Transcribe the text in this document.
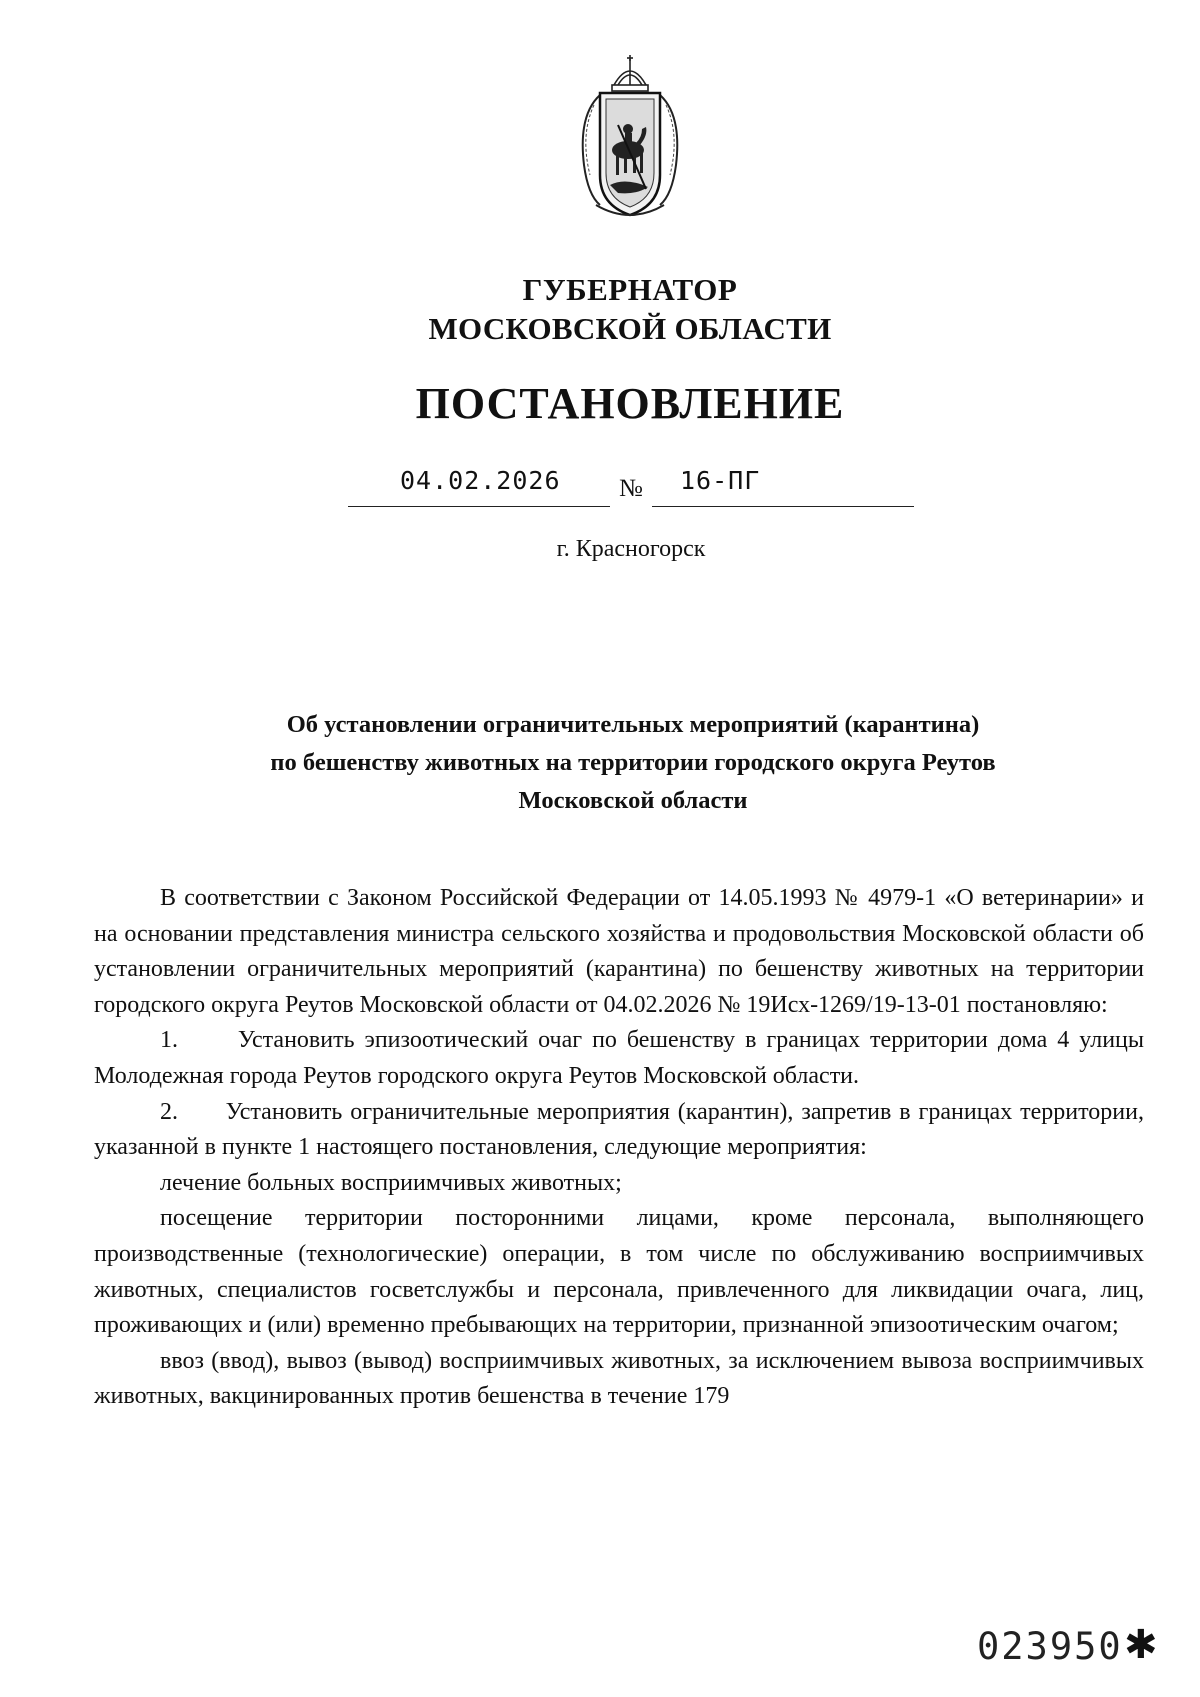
ГУБЕРНАТОР
МОСКОВСКОЙ ОБЛАСТИ
ПОСТАНОВЛЕНИЕ
04.02.2026 № 16-ПГ
г. Красногорск
Об установлении ограничительных мероприятий (карантина)
по бешенству животных на территории городского округа Реутов
Московской области

В соответствии с Законом Российской Федерации от 14.05.1993 № 4979-1 «О ветеринарии» и на основании представления министра сельского хозяйства и продовольствия Московской области об установлении ограничительных мероприятий (карантина) по бешенству животных на территории городского округа Реутов Московской области от 04.02.2026 № 19Исх-1269/19-13-01 постановляю:

1.      Установить эпизоотический очаг по бешенству в границах территории дома 4 улицы Молодежная города Реутов городского округа Реутов Московской области.

2.      Установить ограничительные мероприятия (карантин), запретив в границах территории, указанной в пункте 1 настоящего постановления, следующие мероприятия:

лечение больных восприимчивых животных;

посещение территории посторонними лицами, кроме персонала, выполняющего производственные (технологические) операции, в том числе по обслуживанию восприимчивых животных, специалистов госветслужбы и персонала, привлеченного для ликвидации очага, лиц, проживающих и (или) временно пребывающих на территории, признанной эпизоотическим очагом;

ввоз (ввод), вывоз (вывод) восприимчивых животных, за исключением вывоза восприимчивых животных, вакцинированных против бешенства в течение 179

023950 ✱
